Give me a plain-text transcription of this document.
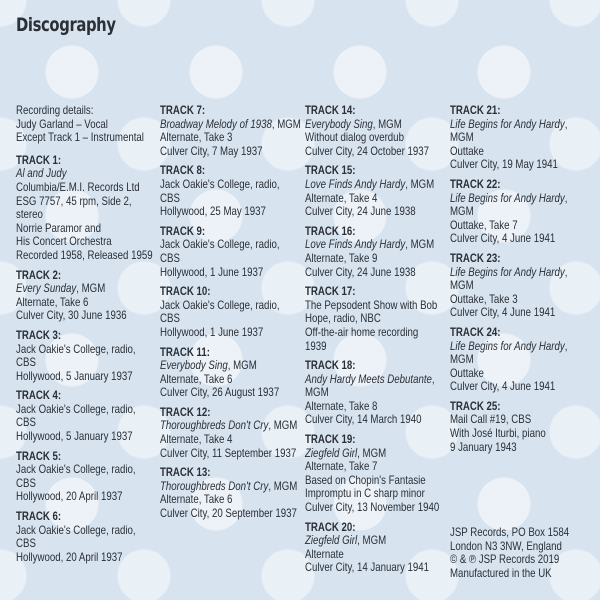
Discography
Recording details:
Judy Garland – Vocal
Except Track 1 – Instrumental
TRACK 1:
Al and Judy
Columbia/E.M.I. Records Ltd
ESG 7757, 45 rpm, Side 2,
stereo
Norrie Paramor and
His Concert Orchestra
Recorded 1958, Released 1959
TRACK 2:
Every Sunday, MGM
Alternate, Take 6
Culver City, 30 June 1936
TRACK 3:
Jack Oakie's College, radio,
CBS
Hollywood, 5 January 1937
TRACK 4:
Jack Oakie's College, radio,
CBS
Hollywood, 5 January 1937
TRACK 5:
Jack Oakie's College, radio,
CBS
Hollywood, 20 April 1937
TRACK 6:
Jack Oakie's College, radio,
CBS
Hollywood, 20 April 1937
TRACK 7:
Broadway Melody of 1938, MGM
Alternate, Take 3
Culver City, 7 May 1937
TRACK 8:
Jack Oakie's College, radio,
CBS
Hollywood, 25 May 1937
TRACK 9:
Jack Oakie's College, radio,
CBS
Hollywood, 1 June 1937
TRACK 10:
Jack Oakie's College, radio,
CBS
Hollywood, 1 June 1937
TRACK 11:
Everybody Sing, MGM
Alternate, Take 6
Culver City, 26 August 1937
TRACK 12:
Thoroughbreds Don't Cry, MGM
Alternate, Take 4
Culver City, 11 September 1937
TRACK 13:
Thoroughbreds Don't Cry, MGM
Alternate, Take 6
Culver City, 20 September 1937
TRACK 14:
Everybody Sing, MGM
Without dialog overdub
Culver City, 24 October 1937
TRACK 15:
Love Finds Andy Hardy, MGM
Alternate, Take 4
Culver City, 24 June 1938
TRACK 16:
Love Finds Andy Hardy, MGM
Alternate, Take 9
Culver City, 24 June 1938
TRACK 17:
The Pepsodent Show with Bob
Hope, radio, NBC
Off-the-air home recording
1939
TRACK 18:
Andy Hardy Meets Debutante,
MGM
Alternate, Take 8
Culver City, 14 March 1940
TRACK 19:
Ziegfeld Girl, MGM
Alternate, Take 7
Based on Chopin's Fantasie
Impromptu in C sharp minor
Culver City, 13 November 1940
TRACK 20:
Ziegfeld Girl, MGM
Alternate
Culver City, 14 January 1941
TRACK 21:
Life Begins for Andy Hardy,
MGM
Outtake
Culver City, 19 May 1941
TRACK 22:
Life Begins for Andy Hardy,
MGM
Outtake, Take 7
Culver City, 4 June 1941
TRACK 23:
Life Begins for Andy Hardy,
MGM
Outtake, Take 3
Culver City, 4 June 1941
TRACK 24:
Life Begins for Andy Hardy,
MGM
Outtake
Culver City, 4 June 1941
TRACK 25:
Mail Call #19, CBS
With José Iturbi, piano
9 January 1943
JSP Records, PO Box 1584
London N3 3NW, England
© & ℗ JSP Records 2019
Manufactured in the UK
